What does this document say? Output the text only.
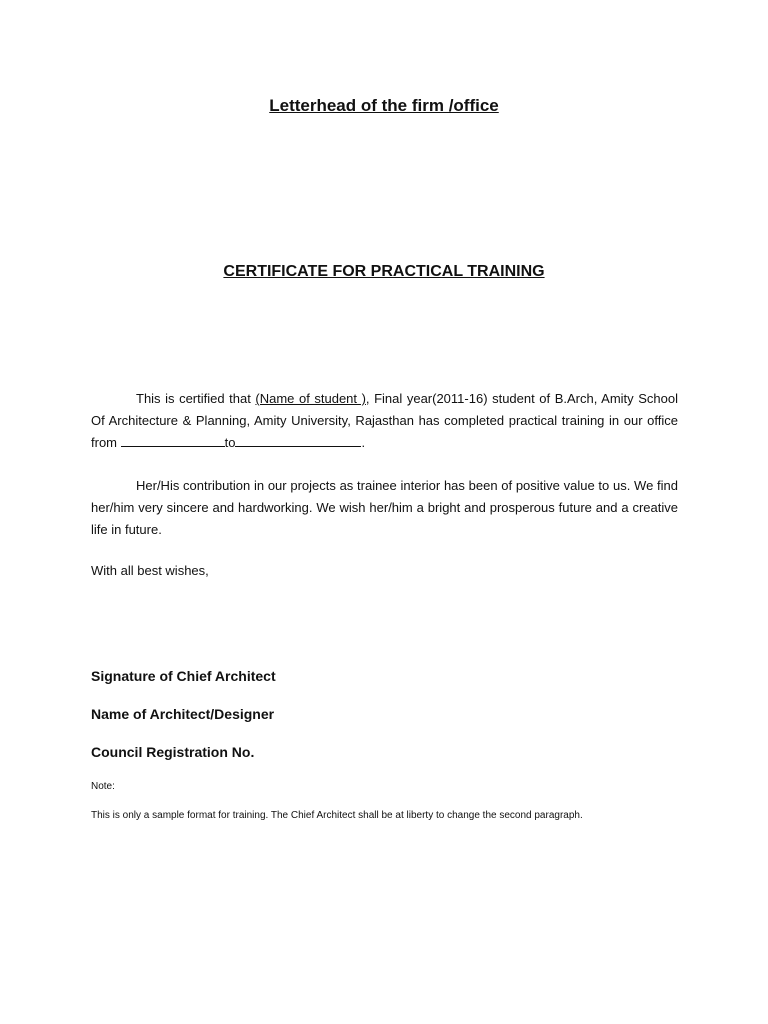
Letterhead of the firm /office
CERTIFICATE FOR PRACTICAL TRAINING
This is certified that (Name of student ), Final year(2011-16) student of B.Arch, Amity School Of Architecture & Planning, Amity University, Rajasthan has completed practical training in our office from	to	.
Her/His contribution in our projects as trainee interior has been of positive value to us. We find her/him very sincere and hardworking. We wish her/him a bright and prosperous future and a creative life in future.
With all best wishes,
Signature of Chief Architect
Name of Architect/Designer
Council Registration No.
Note:
This is only a sample format for training. The Chief Architect shall be at liberty to change the second paragraph.
